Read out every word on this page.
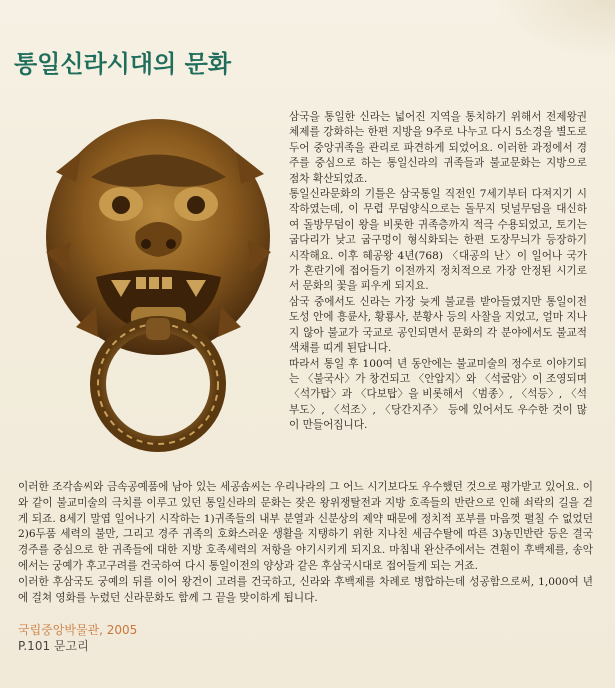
통일신라시대의 문화

삼국을 통일한 신라는 넓어진 지역을 통치하기 위해서 전제왕권체제를 강화하는 한편 지방을 9주로 나누고 다시 5소경을 별도로 두어 중앙귀족을 관리로 파견하게 되었어요. 이러한 과정에서 경주를 중심으로 하는 통일신라의 귀족들과 불교문화는 지방으로 점차 확산되었죠.

통일신라문화의 기틀은 삼국통일 직전인 7세기부터 다져지기 시작하였는데, 이 무렵 무덤양식으로는 돌무지 덧널무덤을 대신하여 돌방무덤이 왕을 비롯한 귀족층까지 적극 수용되었고, 토기는 굽다리가 낮고 굽구멍이 형식화되는 한편 도장무늬가 등장하기 시작해요. 이후 혜공왕 4년(768) 〈대공의 난〉이 일어나 국가가 혼란기에 접어들기 이전까지 정치적으로 가장 안정된 시기로서 문화의 꽃을 피우게 되지요.

삼국 중에서도 신라는 가장 늦게 불교를 받아들였지만 통일이전 도성 안에 흥륜사, 황룡사, 분황사 등의 사찰을 지었고, 얼마 지나지 않아 불교가 국교로 공인되면서 문화의 각 분야에서도 불교적 색채를 띠게 된답니다.

따라서 통일 후 100여 년 동안에는 불교미술의 정수로 이야기되는 〈불국사〉가 창건되고 〈안압지〉와 〈석굴암〉이 조영되며 〈석가탑〉과 〈다보탑〉을 비롯해서 〈범종〉, 〈석등〉, 〈석부도〉, 〈석조〉, 〈당간지주〉 등에 있어서도 우수한 것이 많이 만들어집니다.

이러한 조각솜씨와 금속공예품에 남아 있는 세공솜씨는 우리나라의 그 어느 시기보다도 우수했던 것으로 평가받고 있어요. 이와 같이 불교미술의 극치를 이루고 있던 통일신라의 문화는 잦은 왕위쟁탈전과 지방 호족들의 반란으로 인해 쇠락의 길을 걷게 되죠. 8세기 말엽 일어나기 시작하는 1)귀족들의 내부 분열과 신분상의 제약 때문에 정치적 포부를 마음껏 펼칠 수 없었던 2)6두품 세력의 불만, 그리고 경주 귀족의 호화스러운 생활을 지탱하기 위한 지나친 세금수탈에 따른 3)농민반란 등은 결국 경주를 중심으로 한 귀족들에 대한 지방 호족세력의 저항을 야기시키게 되지요. 마침내 완산주에서는 견훤이 후백제를, 송악에서는 궁예가 후고구려를 건국하여 다시 통일이전의 양상과 같은 후삼국시대로 접어들게 되는 거죠.

이러한 후삼국도 궁예의 뒤를 이어 왕건이 고려를 건국하고, 신라와 후백제를 차례로 병합하는데 성공함으로써, 1,000여 년에 걸쳐 영화를 누렸던 신라문화도 함께 그 끝을 맞이하게 됩니다.

국립중앙박물관, 2005
P.101 문고리
